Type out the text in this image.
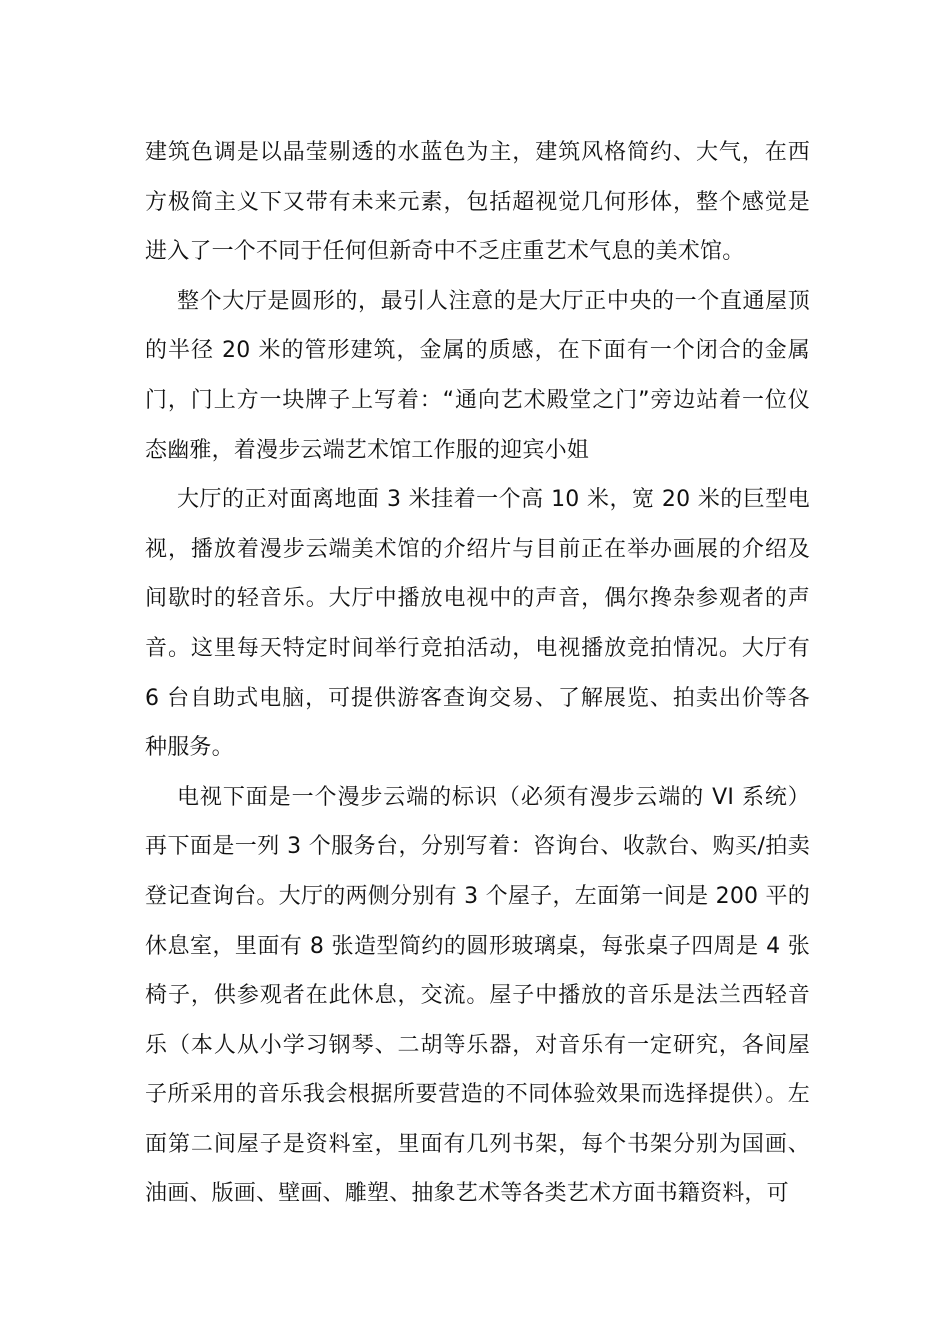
建筑色调是以晶莹剔透的水蓝色为主，建筑风格简约、大气，在西方极简主义下又带有未来元素，包括超视觉几何形体，整个感觉是进入了一个不同于任何但新奇中不乏庄重艺术气息的美术馆。

整个大厅是圆形的，最引人注意的是大厅正中央的一个直通屋顶的半径 20 米的管形建筑，金属的质感，在下面有一个闭合的金属门，门上方一块牌子上写着：“通向艺术殿堂之门”旁边站着一位仪态幽雅，着漫步云端艺术馆工作服的迎宾小姐

大厅的正对面离地面 3 米挂着一个高 10 米，宽 20 米的巨型电视，播放着漫步云端美术馆的介绍片与目前正在举办画展的介绍及间歇时的轻音乐。大厅中播放电视中的声音，偶尔搀杂参观者的声音。这里每天特定时间举行竞拍活动，电视播放竞拍情况。大厅有 6 台自助式电脑，可提供游客查询交易、了解展览、拍卖出价等各种服务。

电视下面是一个漫步云端的标识（必须有漫步云端的 VI 系统）再下面是一列 3 个服务台，分别写着：咨询台、收款台、购买/拍卖登记查询台。大厅的两侧分别有 3 个屋子，左面第一间是 200 平的休息室，里面有 8 张造型简约的圆形玻璃桌，每张桌子四周是 4 张椅子，供参观者在此休息，交流。屋子中播放的音乐是法兰西轻音乐（本人从小学习钢琴、二胡等乐器，对音乐有一定研究，各间屋子所采用的音乐我会根据所要营造的不同体验效果而选择提供）。左面第二间屋子是资料室，里面有几列书架，每个书架分别为国画、油画、版画、壁画、雕塑、抽象艺术等各类艺术方面书籍资料，可
